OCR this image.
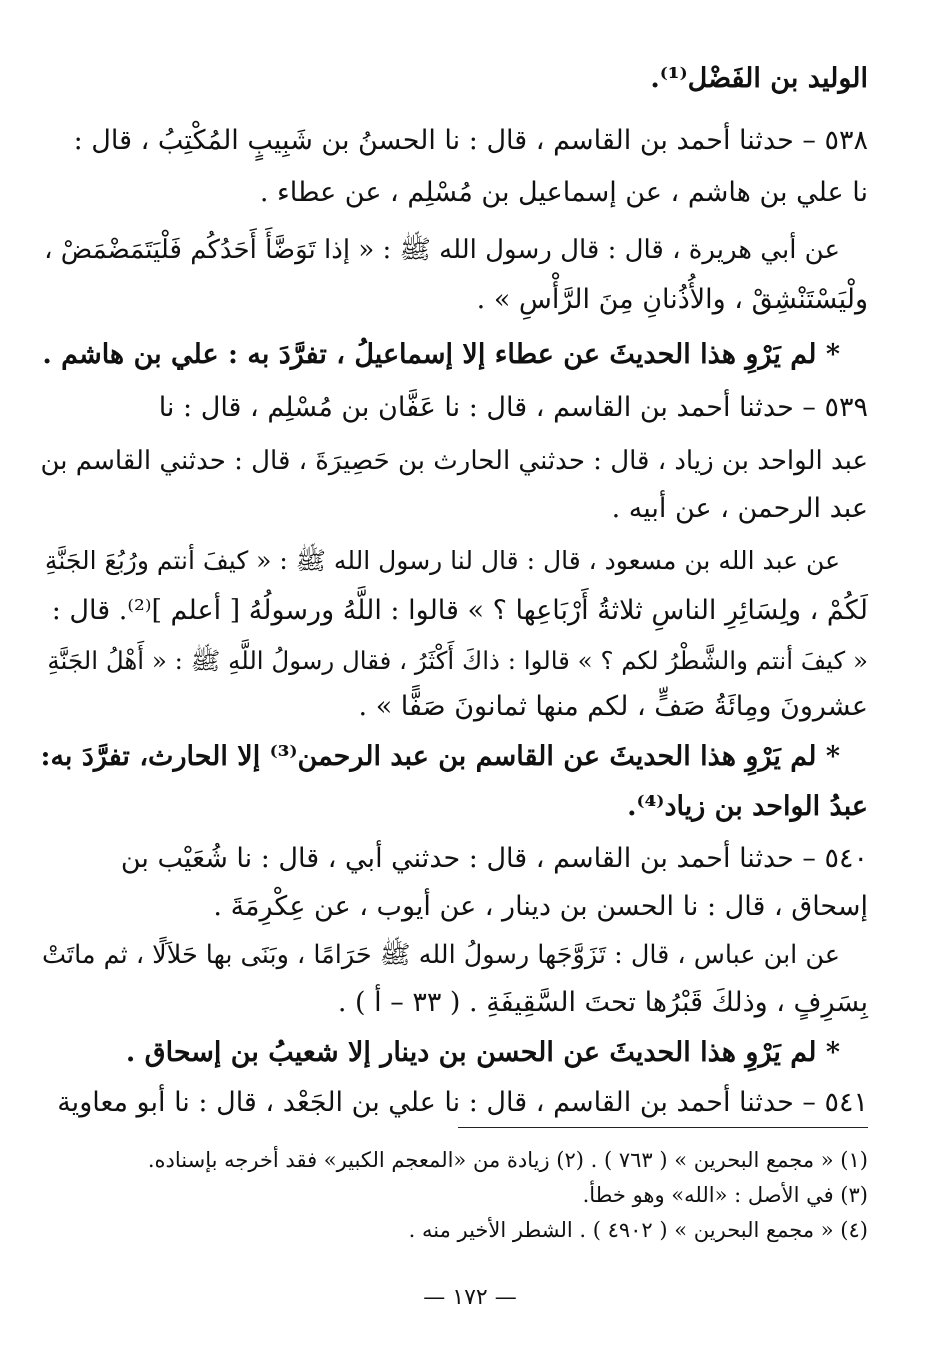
الوليد بن الفَضْل⁽¹⁾.
٥٣٨ – حدثنا أحمد بن القاسم ، قال : نا الحسنُ بن شَبِيبٍ المُكْتِبُ ، قال :
نا علي بن هاشم ، عن إسماعيل بن مُسْلِم ، عن عطاء .
عن أبي هريرة ، قال : قال رسول الله ﷺ : « إذا تَوَضَّأَ أَحَدُكُم فَلْيَتَمَضْمَضْ ،
ولْيَسْتَنْشِقْ ، والأُذُنانِ مِنَ الرَّأْسِ » .
* لم يَرْوِ هذا الحديثَ عن عطاء إلا إسماعيلُ ، تفرَّدَ به : علي بن هاشم .
٥٣٩ – حدثنا أحمد بن القاسم ، قال : نا عَفَّان بن مُسْلِم ، قال : نا
عبد الواحد بن زياد ، قال : حدثني الحارث بن حَصِيرَةَ ، قال : حدثني القاسم بن
عبد الرحمن ، عن أبيه .
عن عبد الله بن مسعود ، قال : قال لنا رسول الله ﷺ : « كيفَ أنتم ورُبُعَ الجَنَّةِ
لَكُمْ ، ولِسَائِرِ الناسِ ثلاثةُ أَرْبَاعِها ؟ » قالوا : اللَّهُ ورسولُهُ [ أعلم ]⁽²⁾. قال :
« كيفَ أنتم والشَّطْرُ لكم ؟ » قالوا : ذاكَ أَكْثَرُ ، فقال رسولُ اللَّهِ ﷺ : « أَهْلُ الجَنَّةِ
عشرونَ ومِائَةُ صَفٍّ ، لكم منها ثمانونَ صَفًّا » .
* لم يَرْوِ هذا الحديثَ عن القاسم بن عبد الرحمن⁽³⁾ إلا الحارث، تفرَّدَ به:
عبدُ الواحد بن زياد⁽⁴⁾.
٥٤٠ – حدثنا أحمد بن القاسم ، قال : حدثني أبي ، قال : نا شُعَيْب بن
إسحاق ، قال : نا الحسن بن دينار ، عن أيوب ، عن عِكْرِمَةَ .
عن ابن عباس ، قال : تَزَوَّجَها رسولُ الله ﷺ حَرَامًا ، وبَنَى بها حَلاَلًا ، ثم ماتَتْ
بِسَرِفٍ ، وذلكَ قَبْرُها تحتَ السَّقِيفَةِ . ( ٣٣ – أ ) .
* لم يَرْوِ هذا الحديثَ عن الحسن بن دينار إلا شعيبُ بن إسحاق .
٥٤١ – حدثنا أحمد بن القاسم ، قال : نا علي بن الجَعْد ، قال : نا أبو معاوية
(١) « مجمع البحرين » ( ٧٦٣ ) . (٢) زيادة من «المعجم الكبير» فقد أخرجه بإسناده.
(٣) في الأصل : «الله» وهو خطأ.
(٤) « مجمع البحرين » ( ٤٩٠٢ ) . الشطر الأخير منه .
— ١٧٢ —
